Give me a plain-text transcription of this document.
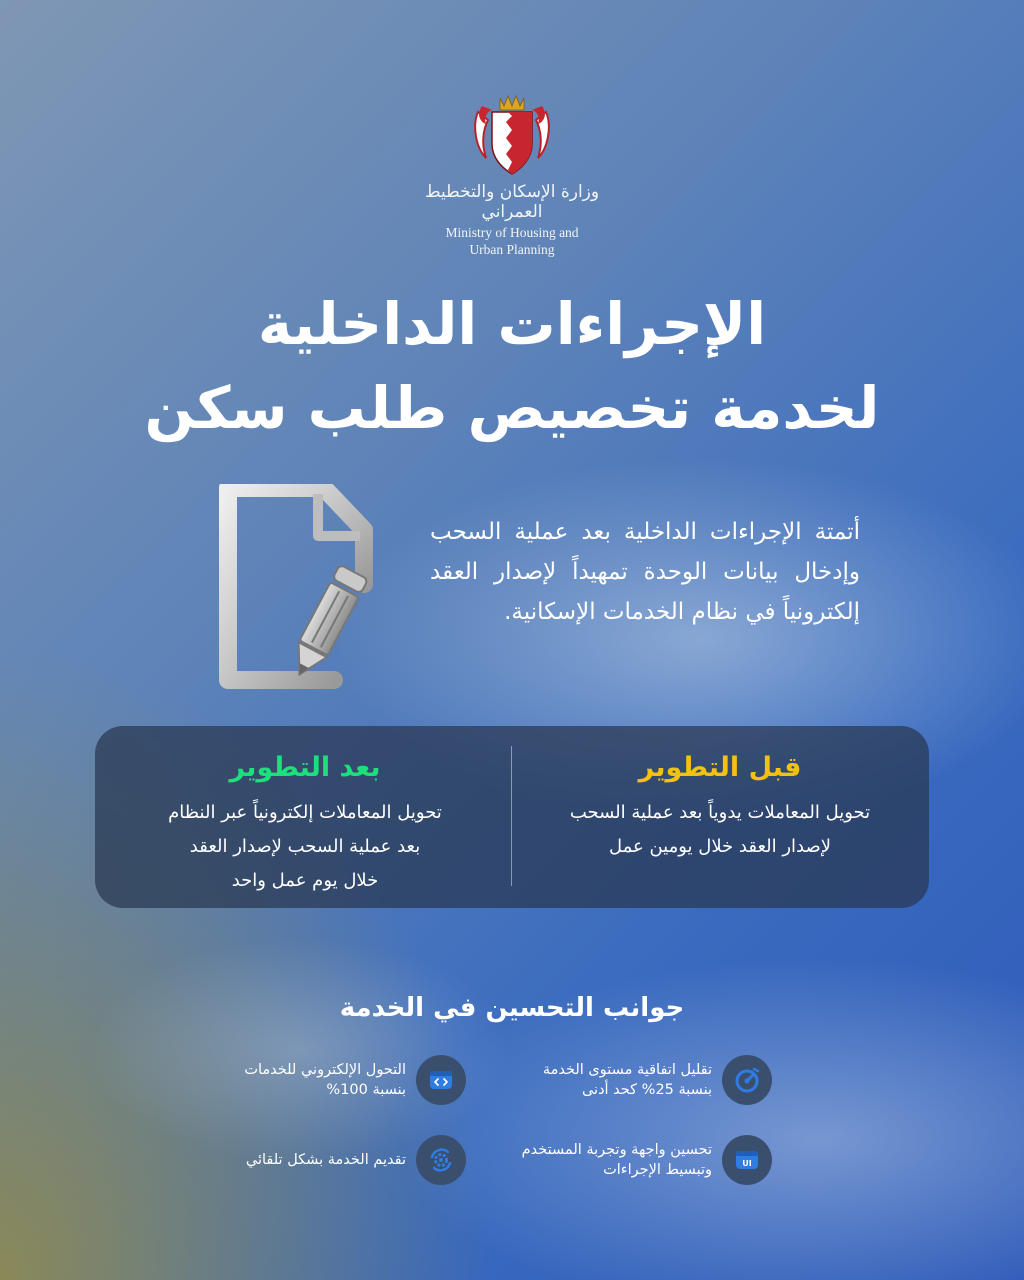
وزارة الإسكان والتخطيط العمراني
Ministry of Housing and
Urban Planning
الإجراءات الداخلية
لخدمة تخصيص طلب سكن
أتمتة الإجراءات الداخلية بعد عملية السحب وإدخال بيانات الوحدة تمهيداً لإصدار العقد إلكترونياً في نظام الخدمات الإسكانية.
قبل التطوير

تحويل المعاملات يدوياً بعد عملية السحب

لإصدار العقد خلال يومين عمل

بعد التطوير

تحويل المعاملات إلكترونياً عبر النظام

بعد عملية السحب لإصدار العقد

خلال يوم عمل واحد

جوانب التحسين في الخدمة
تقليل اتفاقية مستوى الخدمة
بنسبة 25% كحد أدنى
التحول الإلكتروني للخدمات
بنسبة 100%
UI
تحسين واجهة وتجربة المستخدم
وتبسيط الإجراءات
تقديم الخدمة بشكل تلقائي
